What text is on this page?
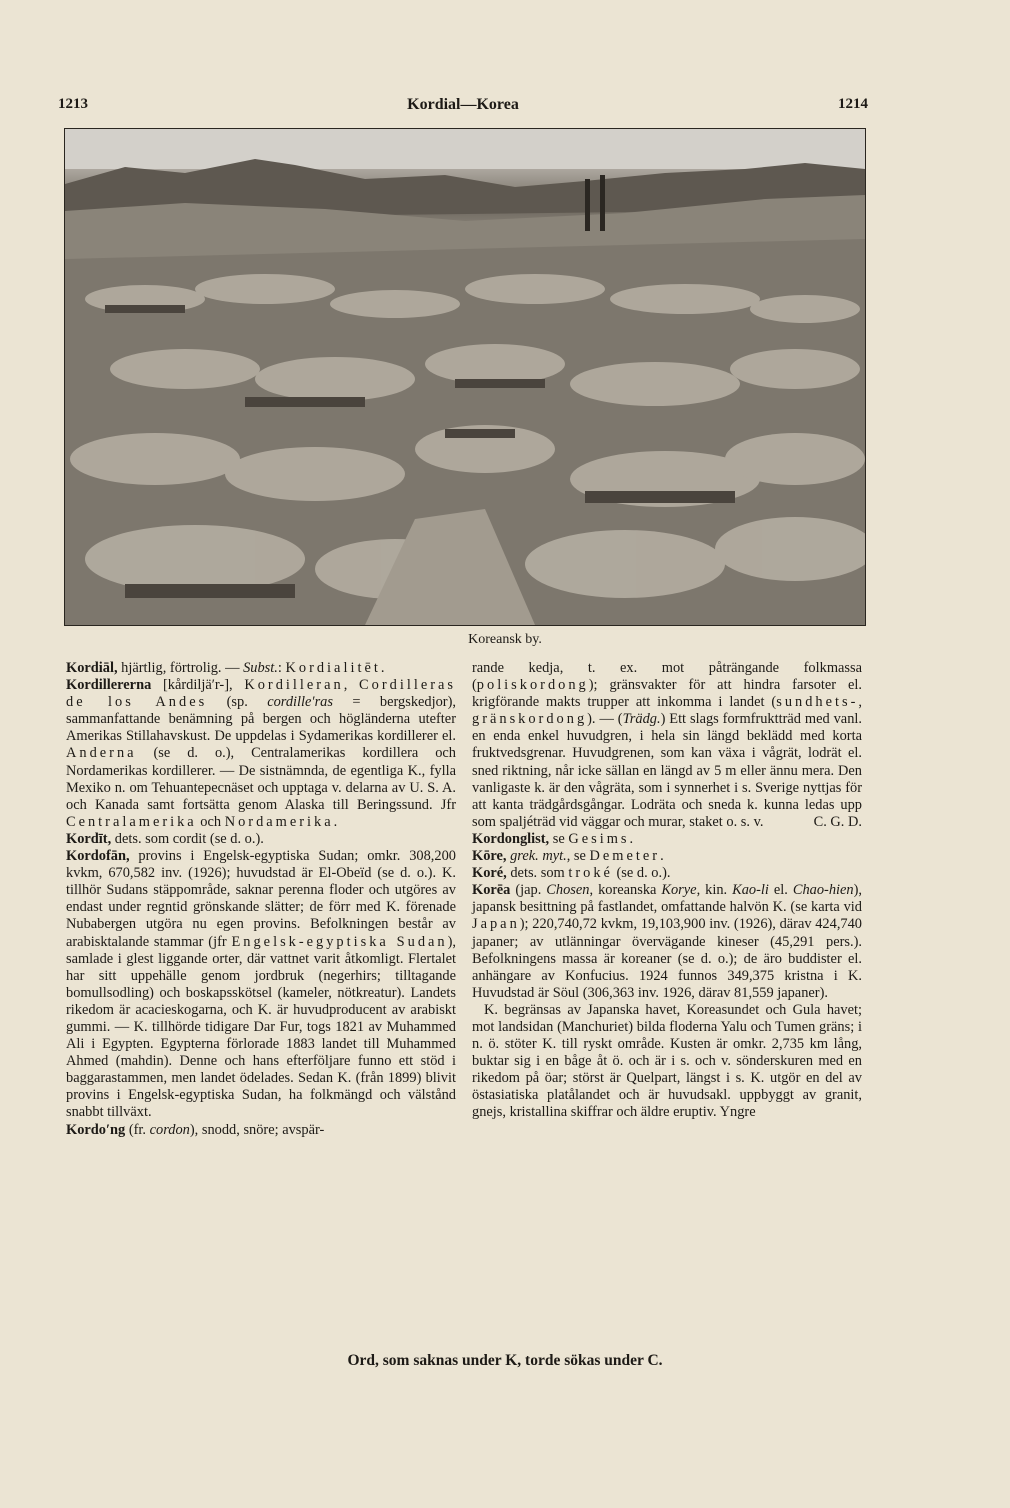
1213	Kordial—Korea	1214
Koreansk by.

Kordiāl, hjärtlig, förtrolig. — Subst.: Kordialitēt.

Kordillererna [kårdiljä′r-], Kordilleran, Cordilleras de los Andes (sp. cordille′ras = bergskedjor), sammanfattande benämning på bergen och högländerna utefter Amerikas Stillahavskust. De uppdelas i Sydamerikas kordillerer el. Anderna (se d. o.), Centralamerikas kordillera och Nordamerikas kordillerer. — De sistnämnda, de egentliga K., fylla Mexiko n. om Tehuantepecnäset och upptaga v. delarna av U. S. A. och Kanada samt fortsätta genom Alaska till Beringssund. Jfr Centralamerika och Nordamerika.

Kordīt, dets. som cordit (se d. o.).

Kordofān, provins i Engelsk-egyptiska Sudan; omkr. 308,200 kvkm, 670,582 inv. (1926); huvudstad är El-Obeïd (se d. o.). K. tillhör Sudans stäppområde, saknar perenna floder och utgöres av endast under regntid grönskande slätter; de förr med K. förenade Nubabergen utgöra nu egen provins. Befolkningen består av arabisktalande stammar (jfr Engelsk-egyptiska Sudan), samlade i glest liggande orter, där vattnet varit åtkomligt. Flertalet har sitt uppehälle genom jordbruk (negerhirs; tilltagande bomullsodling) och boskapsskötsel (kameler, nötkreatur). Landets rikedom är acacieskogarna, och K. är huvudproducent av arabiskt gummi. — K. tillhörde tidigare Dar Fur, togs 1821 av Muhammed Ali i Egypten. Egypterna förlorade 1883 landet till Muhammed Ahmed (mahdin). Denne och hans efterföljare funno ett stöd i baggarastammen, men landet ödelades. Sedan K. (från 1899) blivit provins i Engelsk-egyptiska Sudan, ha folkmängd och välstånd snabbt tillväxt.

Kordo′ng (fr. cordon), snodd, snöre; avspär-

rande kedja, t. ex. mot påträngande folkmassa (poliskordong); gränsvakter för att hindra farsoter el. krigförande makts trupper att inkomma i landet (sundhets-, gränskordong). — (Trädg.) Ett slags formfruktträd med vanl. en enda enkel huvudgren, i hela sin längd beklädd med korta fruktvedsgrenar. Huvudgrenen, som kan växa i vågrät, lodrät el. sned riktning, når icke sällan en längd av 5 m eller ännu mera. Den vanligaste k. är den vågräta, som i synnerhet i s. Sverige nyttjas för att kanta trädgårdsgångar. Lodräta och sneda k. kunna ledas upp som spaljéträd vid väggar och murar, staket o. s. v.	C. G. D.

Kordonglist, se Gesims.

Kōre, grek. myt., se Demeter.

Koré, dets. som troké (se d. o.).

Korēa (jap. Chosen, koreanska Korye, kin. Kao-li el. Chao-hien), japansk besittning på fastlandet, omfattande halvön K. (se karta vid Japan); 220,740,72 kvkm, 19,103,900 inv. (1926), därav 424,740 japaner; av utlänningar övervägande kineser (45,291 pers.). Befolkningens massa är koreaner (se d. o.); de äro buddister el. anhängare av Konfucius. 1924 funnos 349,375 kristna i K. Huvudstad är Söul (306,363 inv. 1926, därav 81,559 japaner).

K. begränsas av Japanska havet, Koreasundet och Gula havet; mot landsidan (Manchuriet) bilda floderna Yalu och Tumen gräns; i n. ö. stöter K. till ryskt område. Kusten är omkr. 2,735 km lång, buktar sig i en båge åt ö. och är i s. och v. sönderskuren med en rikedom på öar; störst är Quelpart, längst i s. K. utgör en del av östasiatiska platålandet och är huvudsakl. uppbyggt av granit, gnejs, kristallina skiffrar och äldre eruptiv. Yngre

Ord, som saknas under K, torde sökas under C.
